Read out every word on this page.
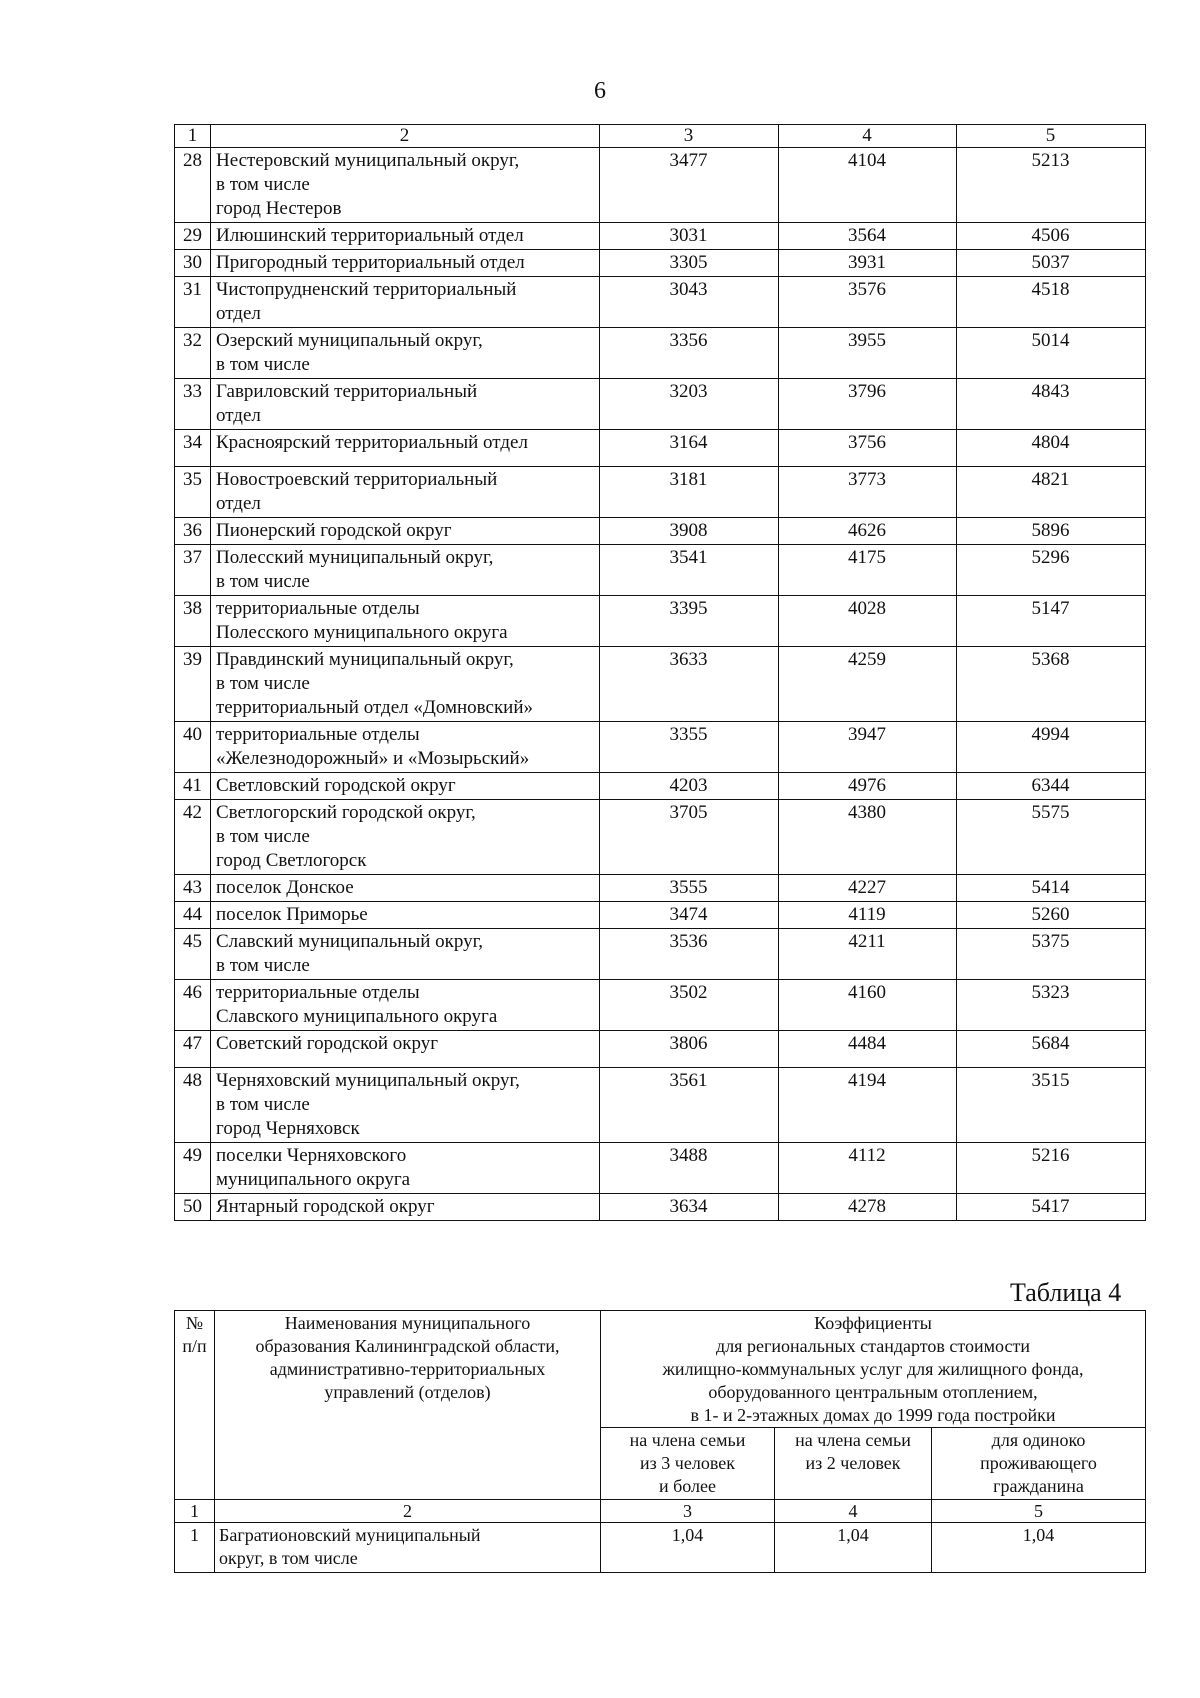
6
1	2	3	4	5
28	Нестеровский муниципальный округ,
в том числе
город Нестеров	3477	4104	5213
29	Илюшинский территориальный отдел	3031	3564	4506
30	Пригородный территориальный отдел	3305	3931	5037
31	Чистопрудненский территориальный
отдел	3043	3576	4518
32	Озерский муниципальный округ,
в том числе	3356	3955	5014
33	Гавриловский территориальный
отдел	3203	3796	4843
34	Красноярский территориальный отдел	3164	3756	4804
35	Новостроевский территориальный
отдел	3181	3773	4821
36	Пионерский городской округ	3908	4626	5896
37	Полесский муниципальный округ,
в том числе	3541	4175	5296
38	территориальные отделы
Полесского муниципального округа	3395	4028	5147
39	Правдинский муниципальный округ,
в том числе
территориальный отдел «Домновский»	3633	4259	5368
40	территориальные отделы
«Железнодорожный» и «Мозырьский»	3355	3947	4994
41	Светловский городской округ	4203	4976	6344
42	Светлогорский городской округ,
в том числе
город Светлогорск	3705	4380	5575
43	поселок Донское	3555	4227	5414
44	поселок Приморье	3474	4119	5260
45	Славский муниципальный округ,
в том числе	3536	4211	5375
46	территориальные отделы
Славского муниципального округа	3502	4160	5323
47	Советский городской округ	3806	4484	5684
48	Черняховский муниципальный округ,
в том числе
город Черняховск	3561	4194	3515
49	поселки Черняховского
муниципального округа	3488	4112	5216
50	Янтарный городской округ	3634	4278	5417
Таблица 4
№
п/п	Наименования муниципального
образования Калининградской области,
административно-территориальных
управлений (отделов)	Коэффициенты
для региональных стандартов стоимости
жилищно-коммунальных услуг для жилищного фонда,
оборудованного центральным отоплением,
в 1- и 2-этажных домах до 1999 года постройки		
		на члена семьи
из 3 человек
и более	на члена семьи
из 2 человек	для одиноко
проживающего
гражданина
1	2	3	4	5
1	Багратионовский муниципальный
округ, в том числе	1,04	1,04	1,04
